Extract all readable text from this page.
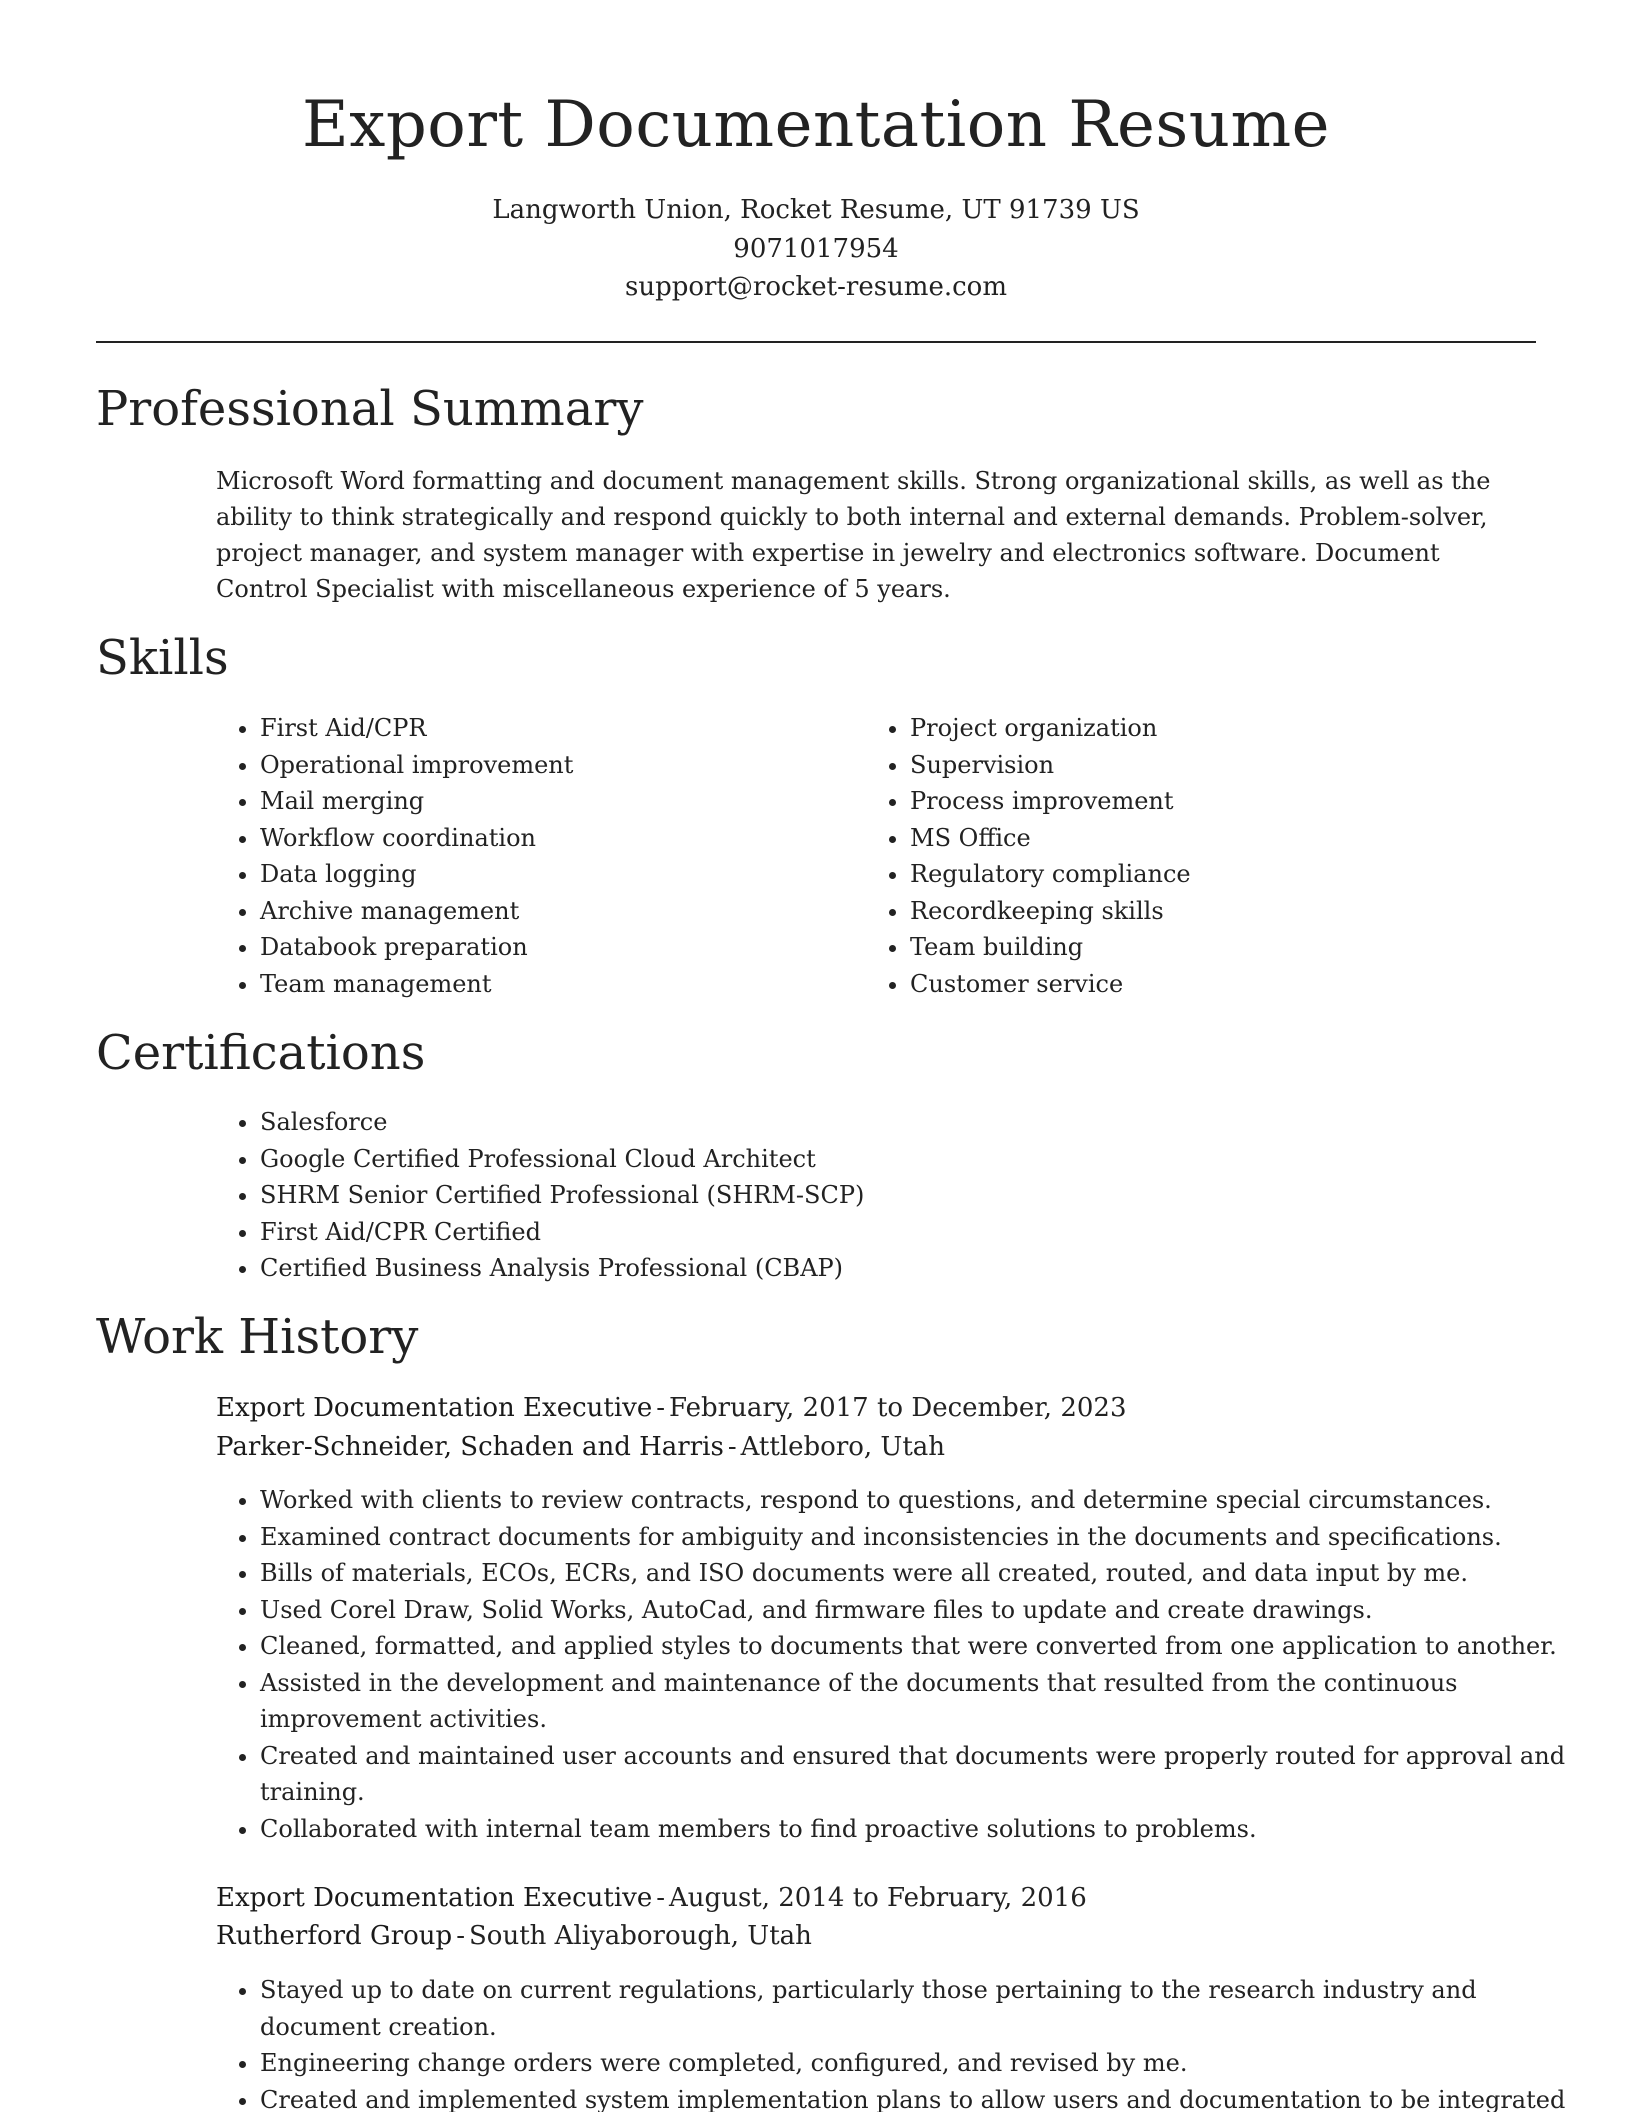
Export Documentation Resume
Langworth Union, Rocket Resume, UT 91739 US
9071017954
support@rocket-resume.com
Professional Summary

Microsoft Word formatting and document management skills. Strong organizational skills, as well as the ability to think strategically and respond quickly to both internal and external demands. Problem-solver, project manager, and system manager with expertise in jewelry and electronics software. Document Control Specialist with miscellaneous experience of 5 years.

Skills
• First Aid/CPR
• Operational improvement
• Mail merging
• Workflow coordination
• Data logging
• Archive management
• Databook preparation
• Team management
• Project organization
• Supervision
• Process improvement
• MS Office
• Regulatory compliance
• Recordkeeping skills
• Team building
• Customer service
Certifications
• Salesforce
• Google Certified Professional Cloud Architect
• SHRM Senior Certified Professional (SHRM-SCP)
• First Aid/CPR Certified
• Certified Business Analysis Professional (CBAP)
Work History
Export Documentation Executive - February, 2017 to December, 2023
Parker-Schneider, Schaden and Harris - Attleboro, Utah
• Worked with clients to review contracts, respond to questions, and determine special circumstances.
• Examined contract documents for ambiguity and inconsistencies in the documents and specifications.
• Bills of materials, ECOs, ECRs, and ISO documents were all created, routed, and data input by me.
• Used Corel Draw, Solid Works, AutoCad, and firmware files to update and create drawings.
• Cleaned, formatted, and applied styles to documents that were converted from one application to another.
• Assisted in the development and maintenance of the documents that resulted from the continuous improvement activities.
• Created and maintained user accounts and ensured that documents were properly routed for approval and training.
• Collaborated with internal team members to find proactive solutions to problems.
Export Documentation Executive - August, 2014 to February, 2016
Rutherford Group - South Aliyaborough, Utah
• Stayed up to date on current regulations, particularly those pertaining to the research industry and document creation.
• Engineering change orders were completed, configured, and revised by me.
• Created and implemented system implementation plans to allow users and documentation to be integrated
